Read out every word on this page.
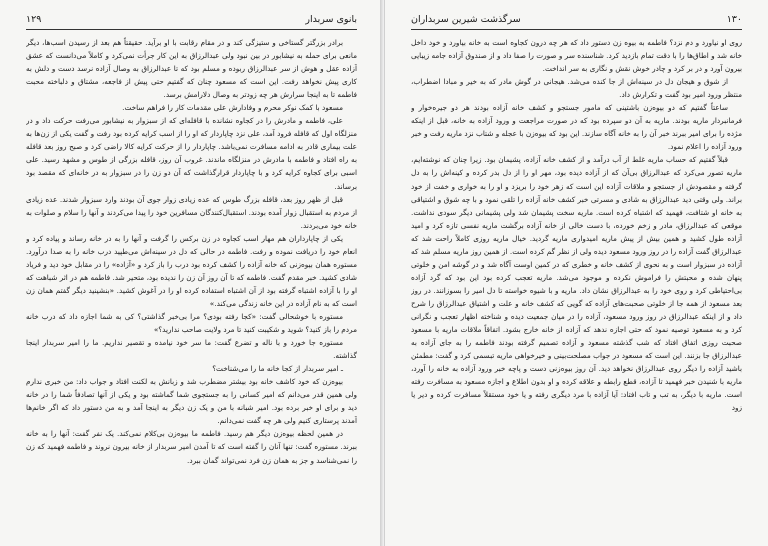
بانوی سربدار
۱۲۹

برادر بزرگتر گستاخی و ستیزگی کند و در مقام رقابت با او برآید. حقیقتاً هم بعد از رسیدن اسب‌ها، دیگر مانعی برای حمله به نیشابور در بین نبود ولی عبدالرزاق به این کار جرأت نمی‌کرد و کاملاً می‌دانست که عشق آزاده عقل و هوش از سر عبدالرزاق ربوده و مسلم بود که تا عبدالرزاق به وصال آزاده نرسد دست و دلش به کاری پیش نخواهد رفت. این است که مسعود چنان که گفتیم حتی پیش از فاجعه، مشتاق و دلباخته محبت فاطمه تا به اینجا سرارش هر چه زودتر به وصال دلارامش برسد.

مسعود با کمک نوکر محرم و وفادارش علی مقدمات کار را فراهم ساخت.

علی، فاطمه و مادرش را در کجاوه نشانده با قافله‌ای که از سبزوار به نیشابور می‌رفت حرکت داد و در منزلگاه اول که قافله فرود آمد، علی نزد چاپاردار که او را از اسب کرایه کرده بود رفت و گفت یکی از زن‌ها به علت بیماری قادر به ادامه مسافرت نمی‌باشد. چاپاردار را از حرکت کرایه کالا راضی کرد و صبح روز بعد قافله به راه افتاد و فاطمه با مادرش در منزلگاه ماندند. غروب آن روز، قافله بزرگی از طوس و مشهد رسید. علی اسبی برای کجاوه کرایه کرد و با چاپاردار قرارگذاشت که آن دو زن را در سبزوار به در خانه‌ای که مقصد بود برساند.

قبل از ظهر روز بعد، قافله بزرگ طوس که عده زیادی زوار جوی آن بودند وارد سبزوار شدند. عده زیادی از مردم به استقبال زوار آمده بودند. استقبال‌کنندگان مسافرین خود را پیدا می‌کردند و آنها را سلام و صلوات به خانه خود می‌بردند.

یکی از چاپارداران هم مهار اسب کجاوه در زن برکس را گرفت و آنها را به در خانه رساند و پیاده کرد و انعام خود را دریافت نموده و رفت. فاطمه در حالی که دل در سینه‌اش می‌طپید درب خانه را به صدا درآورد. مستوره همان بیوه‌زنی که خانه آزاده را کشف کرده بود درب را باز کرد و «آزاده» را در مقابل خود دید و فریاد شادی کشید. خبر مقدم گفت. فاطمه که تا آن روز آن زن را ندیده بود، متحیر شد. فاطمه هم در اثر شباهت که او را با آزاده اشتباه گرفته بود از آن اشتباه استفاده کرده او را در آغوش کشید. «بنشینید دیگر گفتم همان زن است که به نام آزاده در این خانه زندگی می‌کند.»

مستوره با خوشحالی گفت: «کجا رفته بودی؟ مرا بی‌خبر گذاشتی؟ کی به شما اجازه داد که درب خانه مردم را باز کنید؟ شوید و شکیبت کنید تا مرد ولایت صاحب ندارید؟»

مستوره جا خورد و با ناله و تضرع گفت: ما سر خود نیامده و تقصیر نداریم. ما را امیر سربدار اینجا گذاشته.

ـ امیر سربدار از کجا خانه ما را می‌شناخت؟

بیوه‌زن که خود کاشف خانه بود بیشتر مضطرب شد و زبانش به لکنت افتاد و جواب داد: من خبری ندارم ولی همین قدر می‌دانم که امیر کسانی را به جستجوی شما گماشته بود و یکی از آنها تصادفاً شما را در خانه دید و برای او خبر برده بود. امیر شبانه با من و یک زن دیگر به اینجا آمد و به من دستور داد که اگر خانم‌ها آمدند پرستاری کنیم ولی هر چه گفت نمی‌دانم.

در همین لحظه بیوه‌زن دیگر هم رسید. فاطمه ما بیوه‌زن بی‌کلام نمی‌کند. یک نفر گفت: آنها را به خانه ببرند. مستوره گفت: تنها آنان را گفته است که تا آمدن امیر سربدار از خانه بیرون نروند و فاطمه فهمید که زن را نمی‌شناسد و جز به همان زن فرد نمی‌تواند گمان ببرد.

۱۳۰
سرگذشت شیرین سربداران

روی او نیاورد و دم نزد؟ فاطمه به بیوه زن دستور داد که هر چه درون کجاوه است به خانه بیاورد و خود داخل خانه شد و اطاق‌ها را با دقت تمام بازدید کرد. شناسنده سر و صورت را صفا داد و از صندوق آزاده جامه زیبایی بیرون آورد و در بر کرد و چادر خوش نقش و نگاری به سر انداخت.

از شوق و هیجان دل در سینه‌اش از جا کنده می‌شد. هیجانی در گوش مادر که به خیر و مبادا اضطراب، منتظر ورود امیر بود گفت و تکرارش داد.

ساعتاً گفتیم که دو بیوه‌زن باشتینی که مامور جستجو و کشف خانه آزاده بودند هر دو جیره‌خوار و فرمانبردار ماریه بودند. ماریه به آن دو سپرده بود که در صورت مراجعت و ورود آزاده به خانه، قبل از اینکه مژده را برای امیر ببرند خبر آن را به خانه آگاه سازند. این بود که بیوه‌زن با عجله و شتاب نزد ماریه رفت و خبر ورود آزاده را اعلام نمود.

قبلاً گفتیم که حساب ماریه غلط از آب درآمد و از کشف خانه آزاده، پشیمان بود. زیرا چنان که نوشته‌ایم، ماریه تصور می‌کرد که عبدالرزاق بی‌آن که از آزاده دیده بود، مهر او را از دل بدر کرده و کینه‌اش را به دل گرفته و مقصودش از جستجو و ملاقات آزاده این است که زهر خود را بریزد و او را به خواری و خفت از خود براند. ولی وقتی دید عبدالرزاق به شادی و مسرتی خبر کشف خانه آزاده را تلقی نمود و با چه شوق و اشتیاقی به خانه او شتافت، فهمید که اشتباه کرده است. ماریه سخت پشیمان شد ولی پشیمانی دیگر سودی نداشت. موقعی که عبدالرزاق، مادر و زخم خورده، با دست خالی از خانه آزاده برگشت ماریه نفسی تازه کرد و امید آزاده طول کشید و همین بیش از پیش ماریه امیدواری ماریه گردید. خیال ماریه روزی کاملاً راحت شد که عبدالرزاق گفت آزاده را در روز ورود مسعود دیده ولی از نظر گم کرده است. از همین روز ماریه مسلم شد که آزاده در سبزوار است و به نحوی از کشف خانه و خطری که در کمین اوست آگاه شد و در گوشه امن و خلوتی پنهان شده و محبتش را فراموش نکرده و موجود می‌شد. ماریه تعجب کرده بود این بود که گرد آزاده بی‌احتیاطی کرد و روی خود را به عبدالرزاق نشان داد. ماریه و با شیوه خواسته تا دل امیر را بسوزانند. در روز بعد مسعود از همه جا از خلوتی صحبت‌های آزاده که گویی که کشف خانه و علت و اشتیاق عبدالرزاق را شرح داد و از اینکه عبدالرزاق در روز ورود مسعود، آزاده را در میان جمعیت دیده و شناخته اظهار تعجب و نگرانی کرد و به مسعود توصیه نمود که حتی اجازه ندهد که آزاده از خانه خارج بشود. اتفاقاً ملاقات ماریه با مسعود صحبت روزی اتفاق افتاد که شب گذشته مسعود و آزاده تصمیم گرفته بودند فاطمه را به جای آزاده به عبدالرزاق جا بزنند. این است که مسعود در جواب مصلحت‌بینی و خیرخواهی ماریه تبسمی کرد و گفت: مطمئن باشید آزاده را دیگر روی عبدالرزاق نخواهد دید. آن روز بیوه‌زنی دست و پاچه خبر ورود آزاده به خانه را آورد، ماریه با شنیدن خبر فهمید تا آزاده، قطع رابطه و علاقه کرده و او بدون اطلاع و اجازه مسعود به مسافرت رفته است. ماریه با دیگر، به تب و تاب افتاد: آیا آزاده با مرد دیگری رفته و یا خود مستقلاً مسافرت کرده و دیر یا زود
